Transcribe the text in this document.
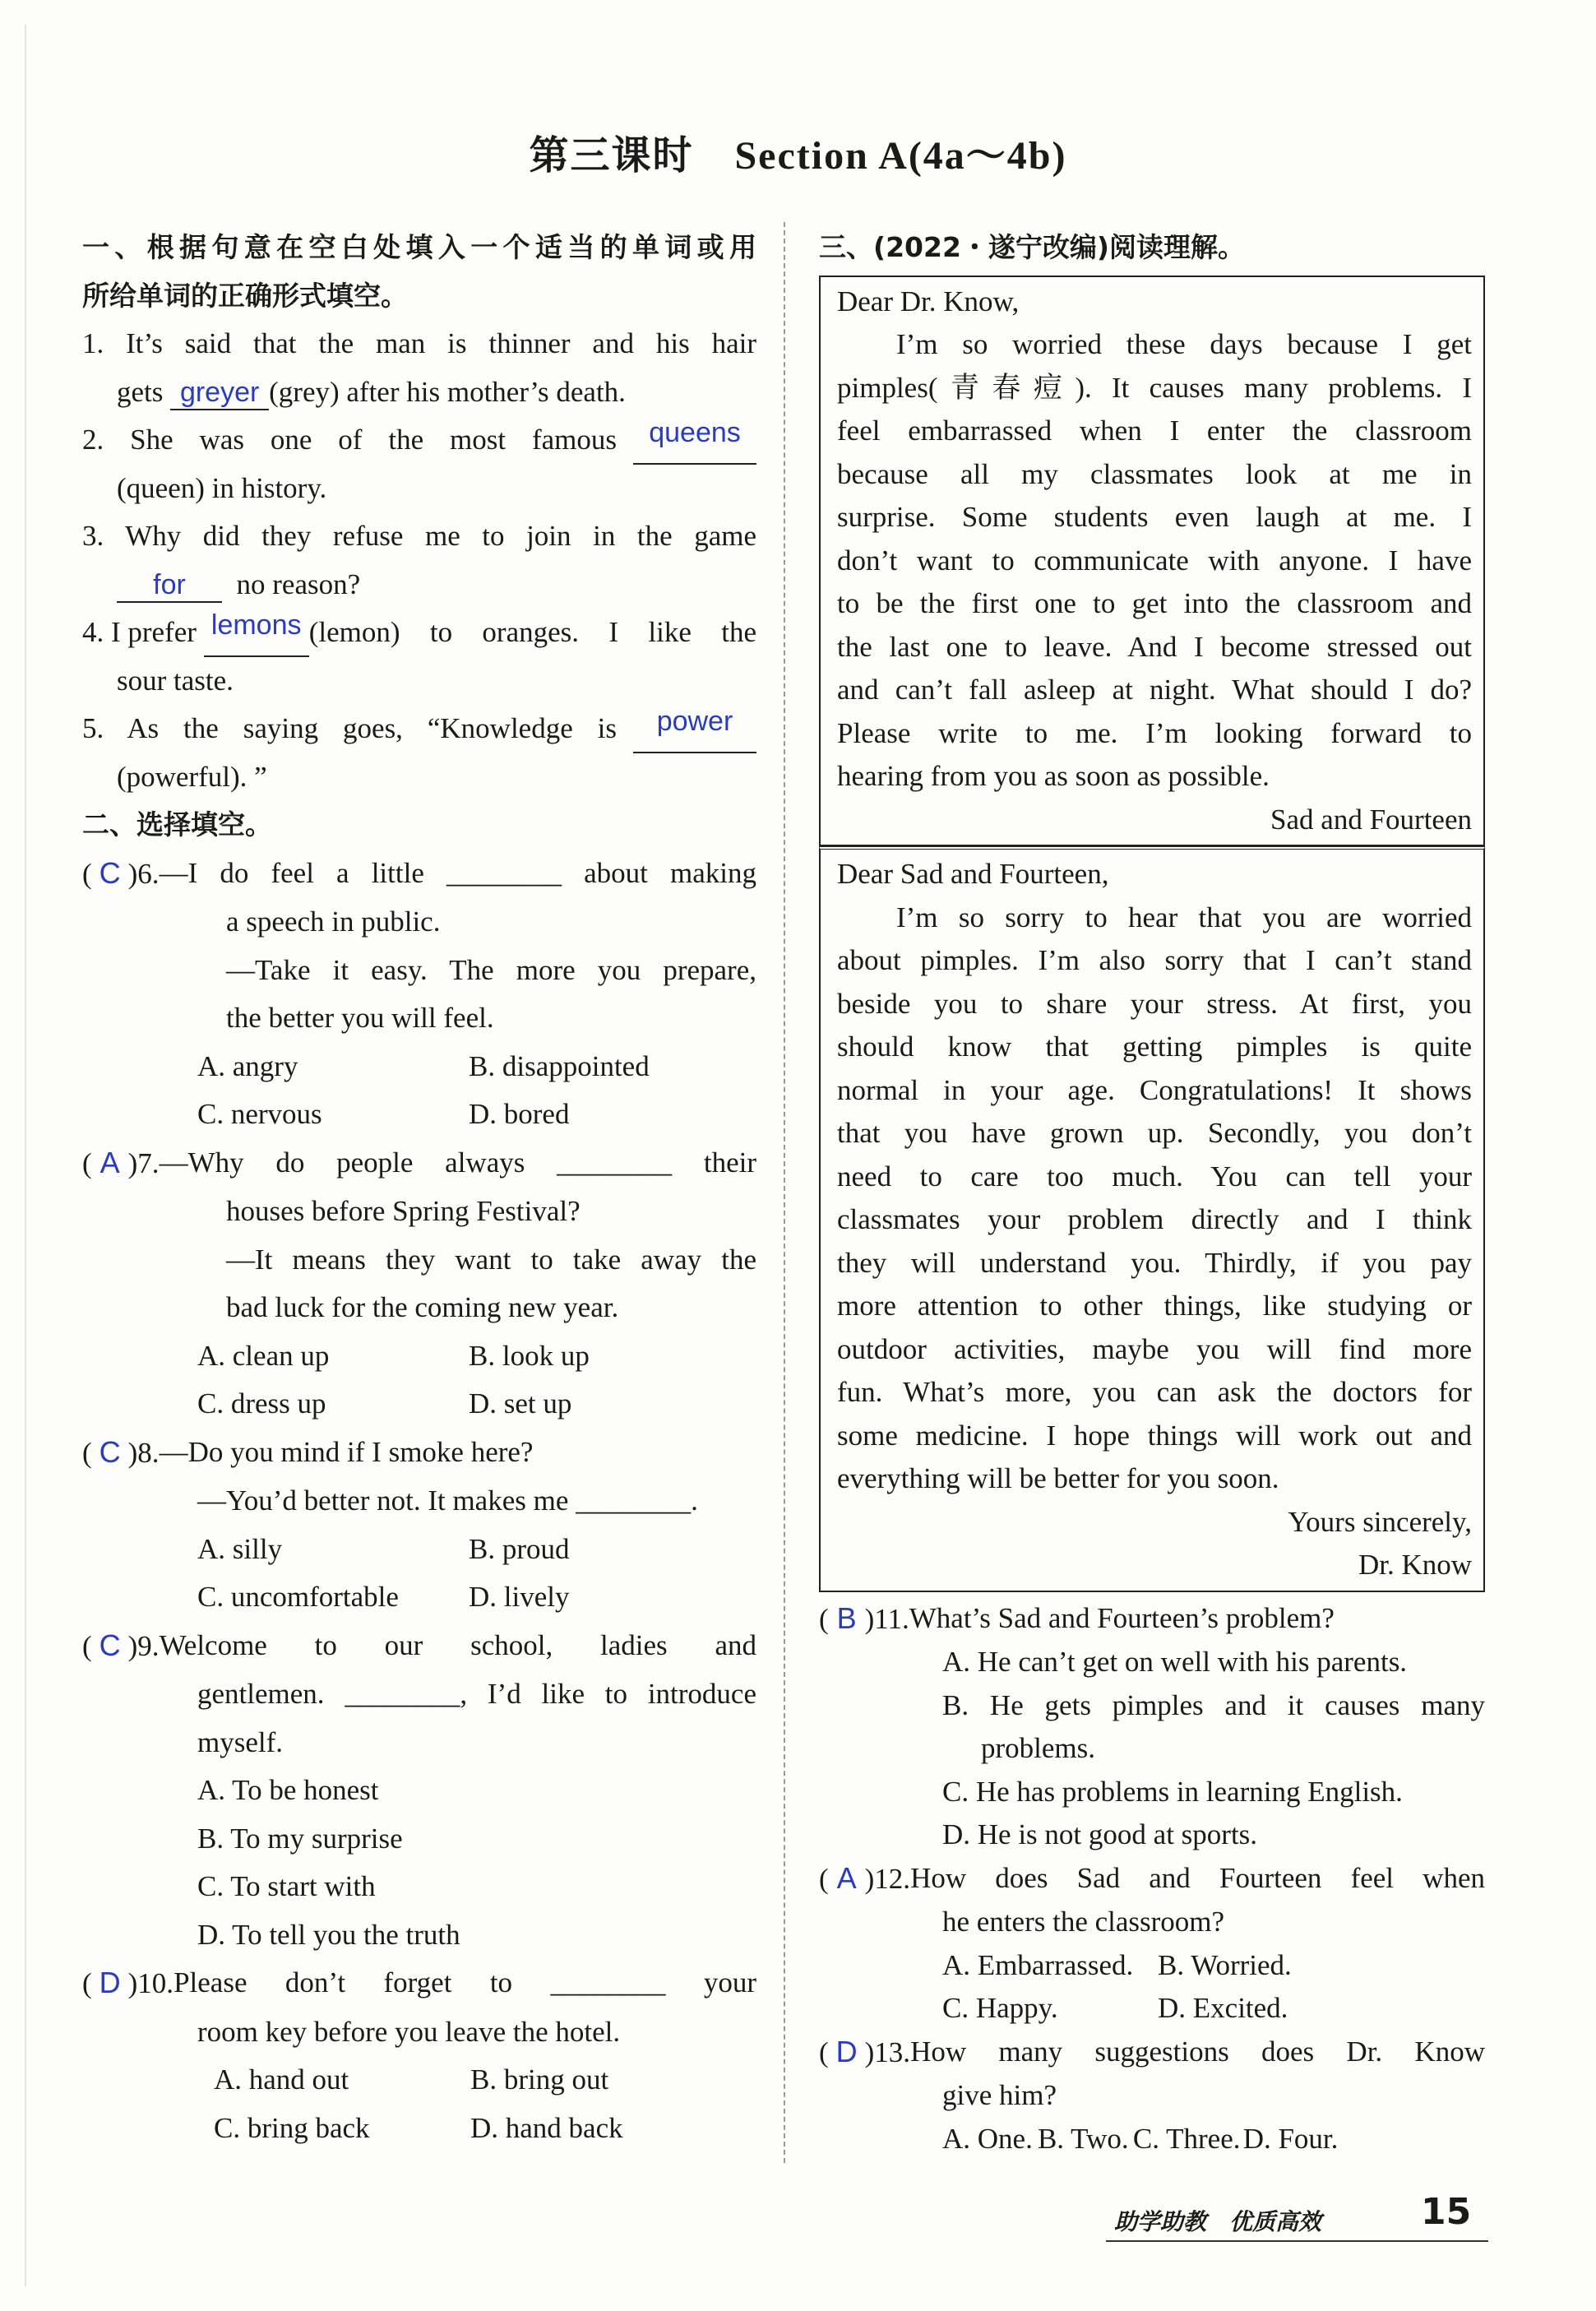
第三课时　Section A(4a～4b)
一、根据句意在空白处填入一个适当的单词或用
所给单词的正确形式填空。
1. It’s said that the man is thinner and his hair
gets greyer (grey) after his mother’s death.
2. She was one of the most famous	queens
(queen) in history.
3. Why did they refuse me to join in the game
for no reason?
4. I prefer
lemons (lemon) to oranges. I like the
sour taste.
5. As the saying goes, “Knowledge is	power
(powerful). ”
二、选择填空。
( C )6. —I do feel a little ________ about making
a speech in public.
—Take it easy. The more you prepare,
the better you will feel.
A. angry	B. disappointed
C. nervous	D. bored
( A )7. —Why do people always ________ their
houses before Spring Festival?
—It means they want to take away the
bad luck for the coming new year.
A. clean up	B. look up
C. dress up	D. set up
( C )8. —Do you mind if I smoke here?
—You’d better not. It makes me ________.
A. silly	B. proud
C. uncomfortable	D. lively
( C )9. Welcome to our school, ladies and
gentlemen. ________, I’d like to introduce
myself.
A. To be honest
B. To my surprise
C. To start with
D. To tell you the truth
( D )10. Please don’t forget to ________ your
room key before you leave the hotel.
A. hand out	B. bring out
C. bring back	D. hand back
三、(2022・遂宁改编)阅读理解。

Dear Dr. Know,

I’m so worried these days because I get

pimples(青春痘). It causes many problems. I

feel embarrassed when I enter the classroom

because all my classmates look at me in

surprise. Some students even laugh at me. I

don’t want to communicate with anyone. I have

to be the first one to get into the classroom and

the last one to leave. And I become stressed out

and can’t fall asleep at night. What should I do?

Please write to me. I’m looking forward to

hearing from you as soon as possible.

Sad and Fourteen

Dear Sad and Fourteen,

I’m so sorry to hear that you are worried

about pimples. I’m also sorry that I can’t stand

beside you to share your stress. At first, you

should know that getting pimples is quite

normal in your age. Congratulations! It shows

that you have grown up. Secondly, you don’t

need to care too much. You can tell your

classmates your problem directly and I think

they will understand you. Thirdly, if you pay

more attention to other things, like studying or

outdoor activities, maybe you will find more

fun. What’s more, you can ask the doctors for

some medicine. I hope things will work out and

everything will be better for you soon.

Yours sincerely,

Dr. Know

( B )11. What’s Sad and Fourteen’s problem?
A. He can’t get on well with his parents.
B. He gets pimples and it causes many
problems.
C. He has problems in learning English.
D. He is not good at sports.
( A )12. How does Sad and Fourteen feel when
he enters the classroom?
A. Embarrassed. B. Worried.
C. Happy.	D. Excited.
( D )13. How many suggestions does Dr. Know
give him?
A. One. B. Two. C. Three. D. Four.
助学助教　优质高效	15
